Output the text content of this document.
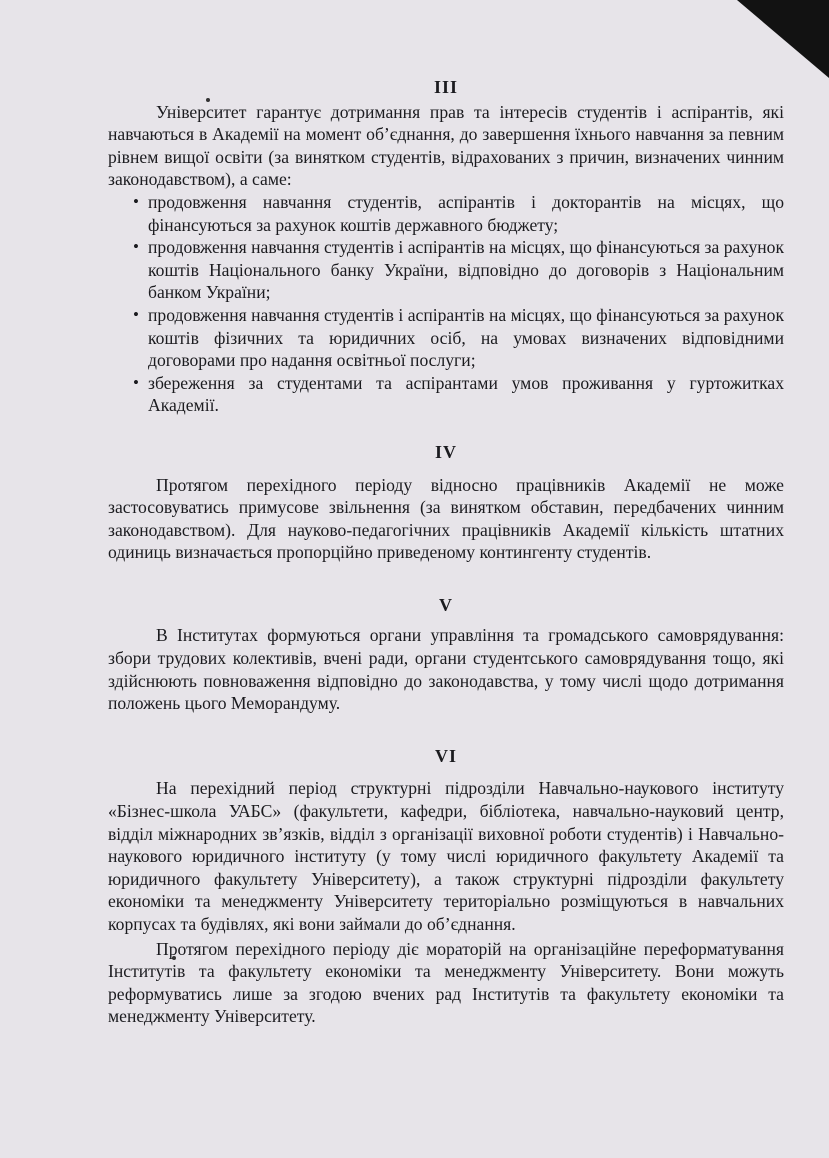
III

Університет гарантує дотримання прав та інтересів студентів і аспірантів, які навчаються в Академії на момент об’єднання, до завершення їхнього навчання за певним рівнем вищої освіти (за винятком студентів, відрахованих з причин, визначених чинним законодавством), а саме:

• продовження навчання студентів, аспірантів і докторантів на місцях, що фінансуються за рахунок коштів державного бюджету;
• продовження навчання студентів і аспірантів на місцях, що фінансуються за рахунок коштів Національного банку України, відповідно до договорів з Національним банком України;
• продовження навчання студентів і аспірантів на місцях, що фінансуються за рахунок коштів фізичних та юридичних осіб, на умовах визначених відповідними договорами про надання освітньої послуги;
• збереження за студентами та аспірантами умов проживання у гуртожитках Академії.
IV

Протягом перехідного періоду відносно працівників Академії не може застосовуватись примусове звільнення (за винятком обставин, передбачених чинним законодавством). Для науково-педагогічних працівників Академії кількість штатних одиниць визначається пропорційно приведеному контингенту студентів.

V

В Інститутах формуються органи управління та громадського самоврядування: збори трудових колективів, вчені ради, органи студентського самоврядування тощо, які здійснюють повноваження відповідно до законодавства, у тому числі щодо дотримання положень цього Меморандуму.

VI

На перехідний період структурні підрозділи Навчально-наукового інституту «Бізнес-школа УАБС» (факультети, кафедри, бібліотека, навчально-науковий центр, відділ міжнародних зв’язків, відділ з організації виховної роботи студентів) і Навчально-наукового юридичного інституту (у тому числі юридичного факультету Академії та юридичного факультету Університету), а також структурні підрозділи факультету економіки та менеджменту Університету територіально розміщуються в навчальних корпусах та будівлях, які вони займали до об’єднання.

Протягом перехідного періоду діє мораторій на організаційне переформатування Інститутів та факультету економіки та менеджменту Університету. Вони можуть реформуватись лише за згодою вчених рад Інститутів та факультету економіки та менеджменту Університету.
